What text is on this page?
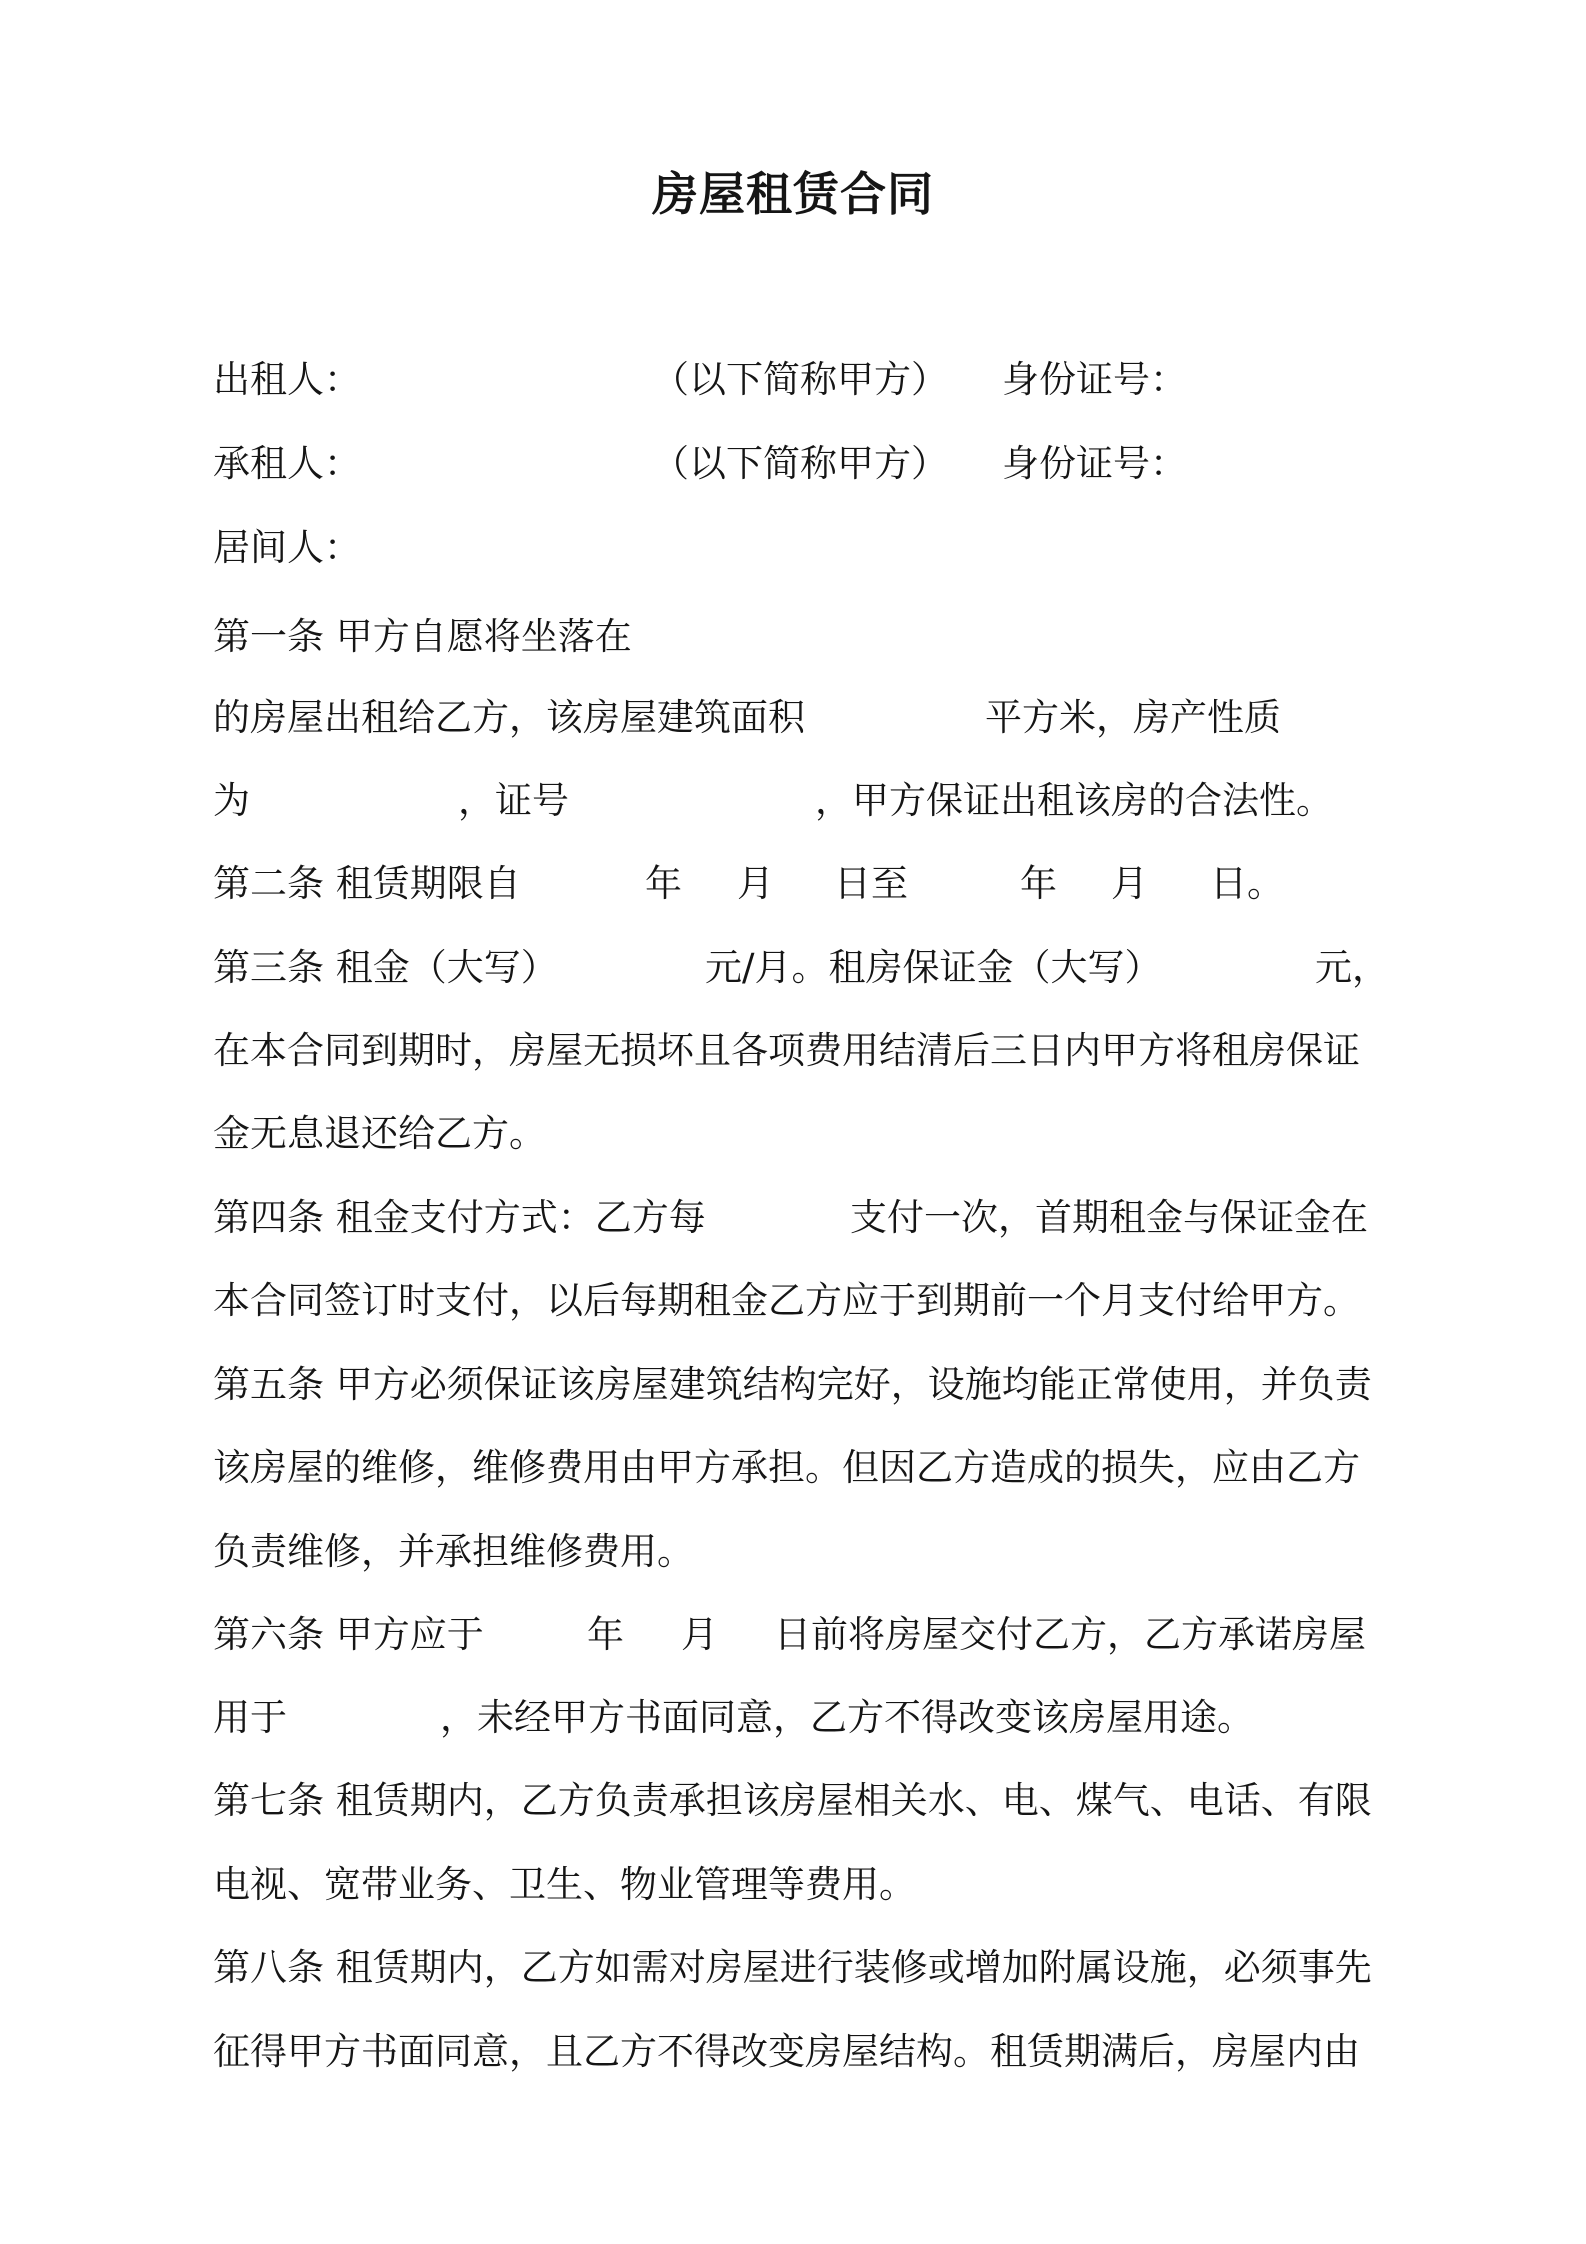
房屋租赁合同
出租人：	（以下简称甲方） 身份证号：
承租人：	（以下简称甲方） 身份证号：
居间人：
第一条 甲方自愿将坐落在
的房屋出租给乙方，该房屋建筑面积	平方米，房产性质
为	，证号	，甲方保证出租该房的合法性。
第二条 租赁期限自	年 月 日至	年 月 日。
第三条 租金（大写）	元/月。租房保证金（大写）	元，
在本合同到期时，房屋无损坏且各项费用结清后三日内甲方将租房保证
金无息退还给乙方。
第四条 租金支付方式：乙方每	支付一次，首期租金与保证金在
本合同签订时支付，以后每期租金乙方应于到期前一个月支付给甲方。
第五条 甲方必须保证该房屋建筑结构完好，设施均能正常使用，并负责
该房屋的维修，维修费用由甲方承担。但因乙方造成的损失，应由乙方
负责维修，并承担维修费用。
第六条 甲方应于	年 月 日前将房屋交付乙方，乙方承诺房屋
用于	，未经甲方书面同意，乙方不得改变该房屋用途。
第七条 租赁期内，乙方负责承担该房屋相关水、电、煤气、电话、有限
电视、宽带业务、卫生、物业管理等费用。
第八条 租赁期内，乙方如需对房屋进行装修或增加附属设施，必须事先
征得甲方书面同意，且乙方不得改变房屋结构。租赁期满后，房屋内由
